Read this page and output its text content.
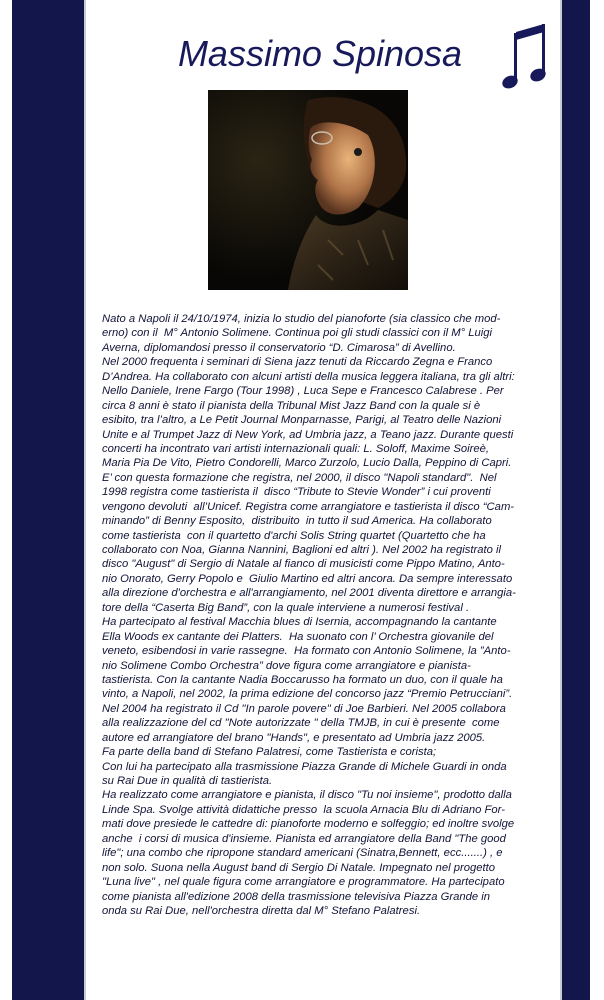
Massimo Spinosa
Nato a Napoli il 24/10/1974, inizia lo studio del pianoforte (sia classico che mod-
erno) con il  M° Antonio Solimene. Continua poi gli studi classici con il M° Luigi
Averna, diplomandosi presso il conservatorio “D. Cimarosa” di Avellino.
Nel 2000 frequenta i seminari di Siena jazz tenuti da Riccardo Zegna e Franco
D’Andrea. Ha collaborato con alcuni artisti della musica leggera italiana, tra gli altri:
Nello Daniele, Irene Fargo (Tour 1998) , Luca Sepe e Francesco Calabrese . Per
circa 8 anni è stato il pianista della Tribunal Mist Jazz Band con la quale si è
esibito, tra l’altro, a Le Petit Journal Monparnasse, Parigi, al Teatro delle Nazioni
Unite e al Trumpet Jazz di New York, ad Umbria jazz, a Teano jazz. Durante questi
concerti ha incontrato vari artisti internazionali quali: L. Soloff, Maxime Soireè,
Maria Pia De Vito, Pietro Condorelli, Marco Zurzolo, Lucio Dalla, Peppino di Capri.
E’ con questa formazione che registra, nel 2000, il disco "Napoli standard".  Nel
1998 registra come tastierista il  disco “Tribute to Stevie Wonder” i cui proventi
vengono devoluti  all’Unicef. Registra come arrangiatore e tastierista il disco “Cam-
minando” di Benny Esposito,  distribuito  in tutto il sud America. Ha collaborato
come tastierista  con il quartetto d'archi Solis String quartet (Quartetto che ha
collaborato con Noa, Gianna Nannini, Baglioni ed altri ). Nel 2002 ha registrato il
disco "August" di Sergio di Natale al fianco di musicisti come Pippo Matino, Anto-
nio Onorato, Gerry Popolo e  Giulio Martino ed altri ancora. Da sempre interessato
alla direzione d'orchestra e all'arrangiamento, nel 2001 diventa direttore e arrangia-
tore della “Caserta Big Band”, con la quale interviene a numerosi festival .
Ha partecipato al festival Macchia blues di Isernia, accompagnando la cantante
Ella Woods ex cantante dei Platters.  Ha suonato con l’ Orchestra giovanile del
veneto, esibendosi in varie rassegne.  Ha formato con Antonio Solimene, la ”Anto-
nio Solimene Combo Orchestra” dove figura come arrangiatore e pianista-
tastierista. Con la cantante Nadia Boccarusso ha formato un duo, con il quale ha
vinto, a Napoli, nel 2002, la prima edizione del concorso jazz “Premio Petrucciani”.
Nel 2004 ha registrato il Cd "In parole povere" di Joe Barbieri. Nel 2005 collabora
alla realizzazione del cd "Note autorizzate " della TMJB, in cui è presente  come
autore ed arrangiatore del brano "Hands", e presentato ad Umbria jazz 2005.
Fa parte della band di Stefano Palatresi, come Tastierista e corista;
Con lui ha partecipato alla trasmissione Piazza Grande di Michele Guardi in onda
su Rai Due in qualità di tastierista.
Ha realizzato come arrangiatore e pianista, il disco "Tu noi insieme", prodotto dalla
Linde Spa. Svolge attività didattiche presso  la scuola Arnacia Blu di Adriano For-
mati dove presiede le cattedre di: pianoforte moderno e solfeggio; ed inoltre svolge
anche  i corsi di musica d'insieme. Pianista ed arrangiatore della Band "The good
life"; una combo che ripropone standard americani (Sinatra,Bennett, ecc.......) , e
non solo. Suona nella August band di Sergio Di Natale. Impegnato nel progetto
"Luna live" , nel quale figura come arrangiatore e programmatore. Ha partecipato
come pianista all'edizione 2008 della trasmissione televisiva Piazza Grande in
onda su Rai Due, nell'orchestra diretta dal M° Stefano Palatresi.
